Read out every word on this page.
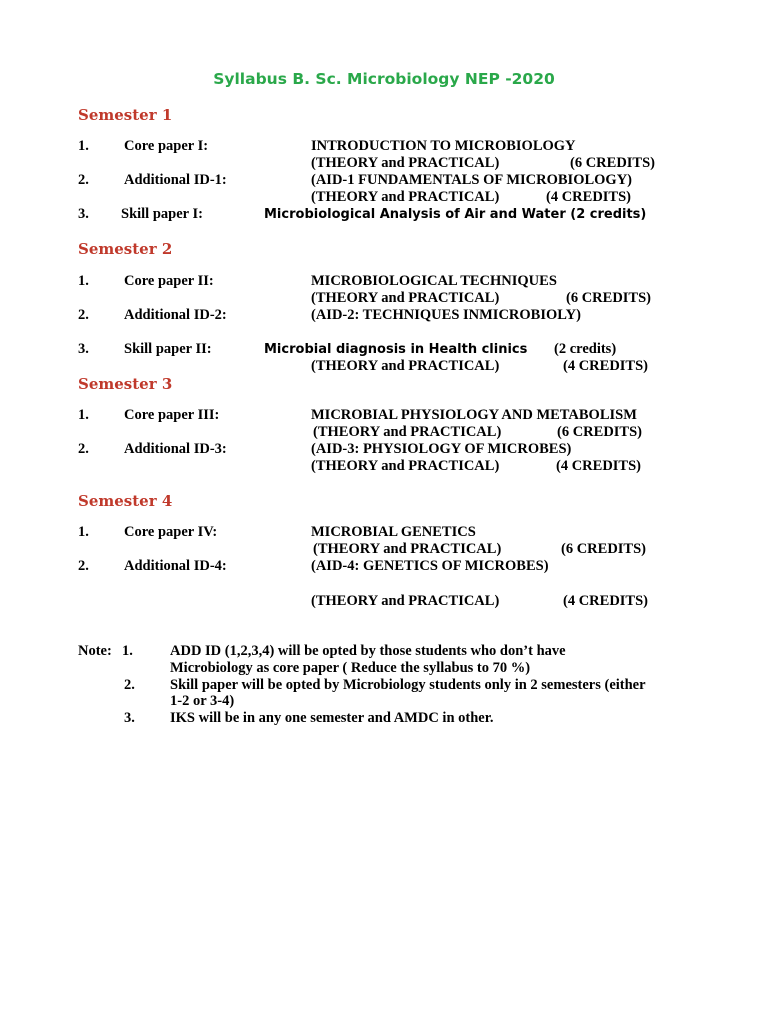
Syllabus B. Sc. Microbiology NEP -2020
Semester 1
1. Core paper I:	INTRODUCTION TO MICROBIOLOGY
(THEORY and PRACTICAL)	(6 CREDITS)
2. Additional ID-1:	(AID-1 FUNDAMENTALS OF MICROBIOLOGY)
(THEORY and PRACTICAL)	(4 CREDITS)
3. Skill paper I:	Microbiological Analysis of Air and Water (2 credits)
Semester 2
1. Core paper II:	MICROBIOLOGICAL TECHNIQUES
(THEORY and PRACTICAL)	(6 CREDITS)
2. Additional ID-2:	(AID-2: TECHNIQUES INMICROBIOLY)
3. Skill paper II:	Microbial diagnosis in Health clinics (2 credits)
(THEORY and PRACTICAL)	(4 CREDITS)
Semester 3
1. Core paper III:	MICROBIAL PHYSIOLOGY AND METABOLISM
(THEORY and PRACTICAL)	(6 CREDITS)
2. Additional ID-3:	(AID-3: PHYSIOLOGY OF MICROBES)
(THEORY and PRACTICAL)	(4 CREDITS)
Semester 4
1. Core paper IV:	MICROBIAL GENETICS
(THEORY and PRACTICAL)	(6 CREDITS)
2. Additional ID-4:	(AID-4: GENETICS OF MICROBES)
(THEORY and PRACTICAL)	(4 CREDITS)
Note: 1.	ADD ID (1,2,3,4) will be opted by those students who don’t have
Microbiology as core paper ( Reduce the syllabus to 70 %)
2. Skill paper will be opted by Microbiology students only in 2 semesters (either
1-2 or 3-4)
3. IKS will be in any one semester and AMDC in other.
